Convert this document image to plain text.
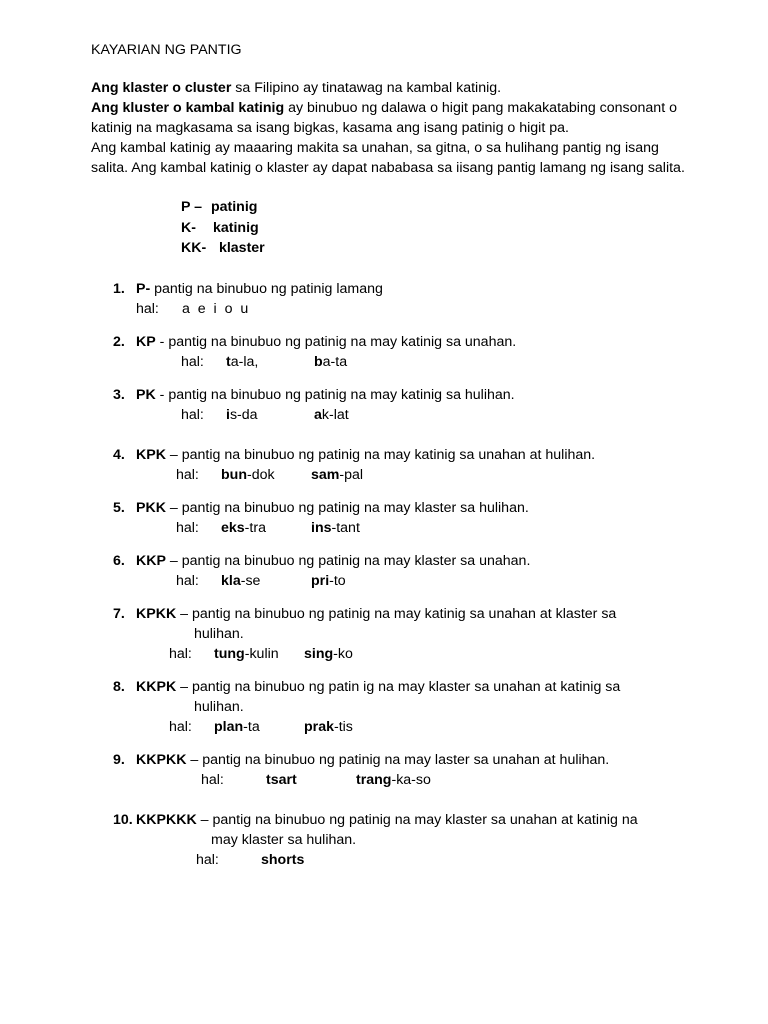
KAYARIAN NG PANTIG

Ang klaster o cluster sa Filipino ay tinatawag na kambal katinig.

Ang kluster o kambal katinig ay binubuo ng dalawa o higit pang makakatabing consonant o katinig na magkasama sa isang bigkas, kasama ang isang patinig o higit pa.

Ang kambal katinig ay maaaring makita sa unahan, sa gitna, o sa hulihang pantig ng isang salita. Ang kambal katinig o klaster ay dapat nababasa sa iisang pantig lamang ng isang salita.

P – patinig
K- katinig
KK- klaster
1. P- pantig na binubuo ng patinig lamang
hal: a  e  i  o  u
2. KP - pantig na binubuo ng patinig na may katinig sa unahan.
hal: ta-la,	ba-ta
3. PK - pantig na binubuo ng patinig na may katinig sa hulihan.
hal: is-da	ak-lat
4. KPK – pantig na binubuo ng patinig na may katinig sa unahan at hulihan.
hal: bun-dok	sam-pal
5. PKK – pantig na binubuo ng patinig na may klaster sa hulihan.
hal: eks-tra	ins-tant
6. KKP – pantig na binubuo ng patinig na may klaster sa unahan.
hal: kla-se	pri-to
7. KPKK – pantig na binubuo ng patinig na may katinig sa unahan at klaster sa
hulihan.
hal: tung-kulin sing-ko
8. KKPK – pantig na binubuo ng patin ig na may klaster sa unahan at katinig sa
hulihan.
hal: plan-ta	prak-tis
9. KKPKK – pantig na binubuo ng patinig na may laster sa unahan at hulihan.
hal:	tsart	trang-ka-so
10. KKPKKK – pantig na binubuo ng patinig na may klaster sa unahan at katinig na
may klaster sa hulihan.
hal:	shorts
